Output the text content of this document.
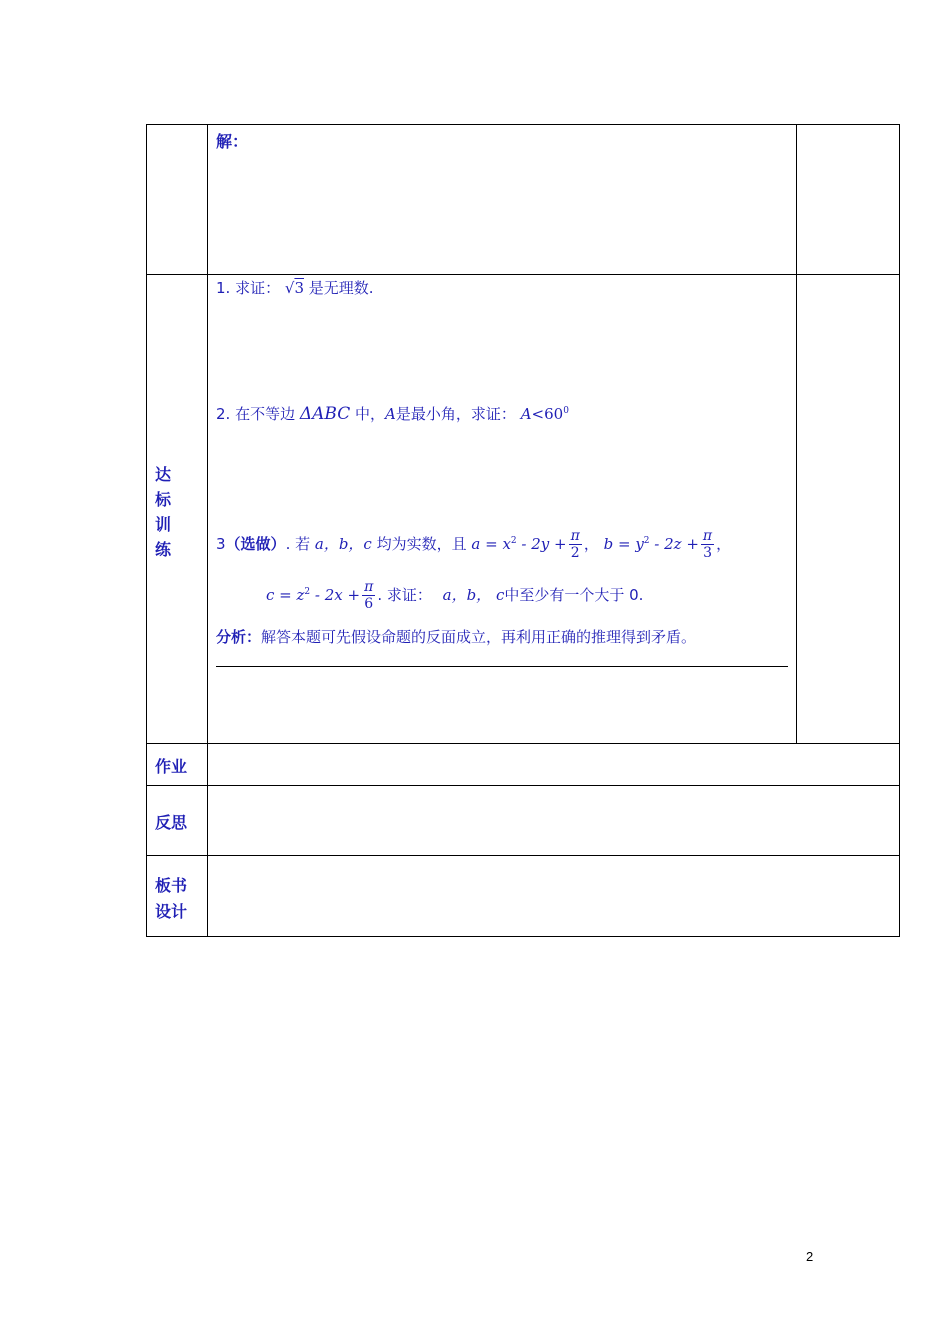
解：
达
标
训
练
1. 求证： √3 是无理数.
2. 在不等边 ΔABC 中，A是最小角，求证： $A<60^0$
3（选做）. 若 a，b，c 均为实数，且 $a = x^2 - 2y + \frac{\pi}{2}$ ， $b = y^2 - 2z + \frac{\pi}{3}$ ，
$c = z^2 - 2x + \frac{\pi}{6}$ . 求证： a，b， c中至少有一个大于 0.
分析：解答本题可先假设命题的反面成立，再利用正确的推理得到矛盾。
作业
反思
板书
设计
2
